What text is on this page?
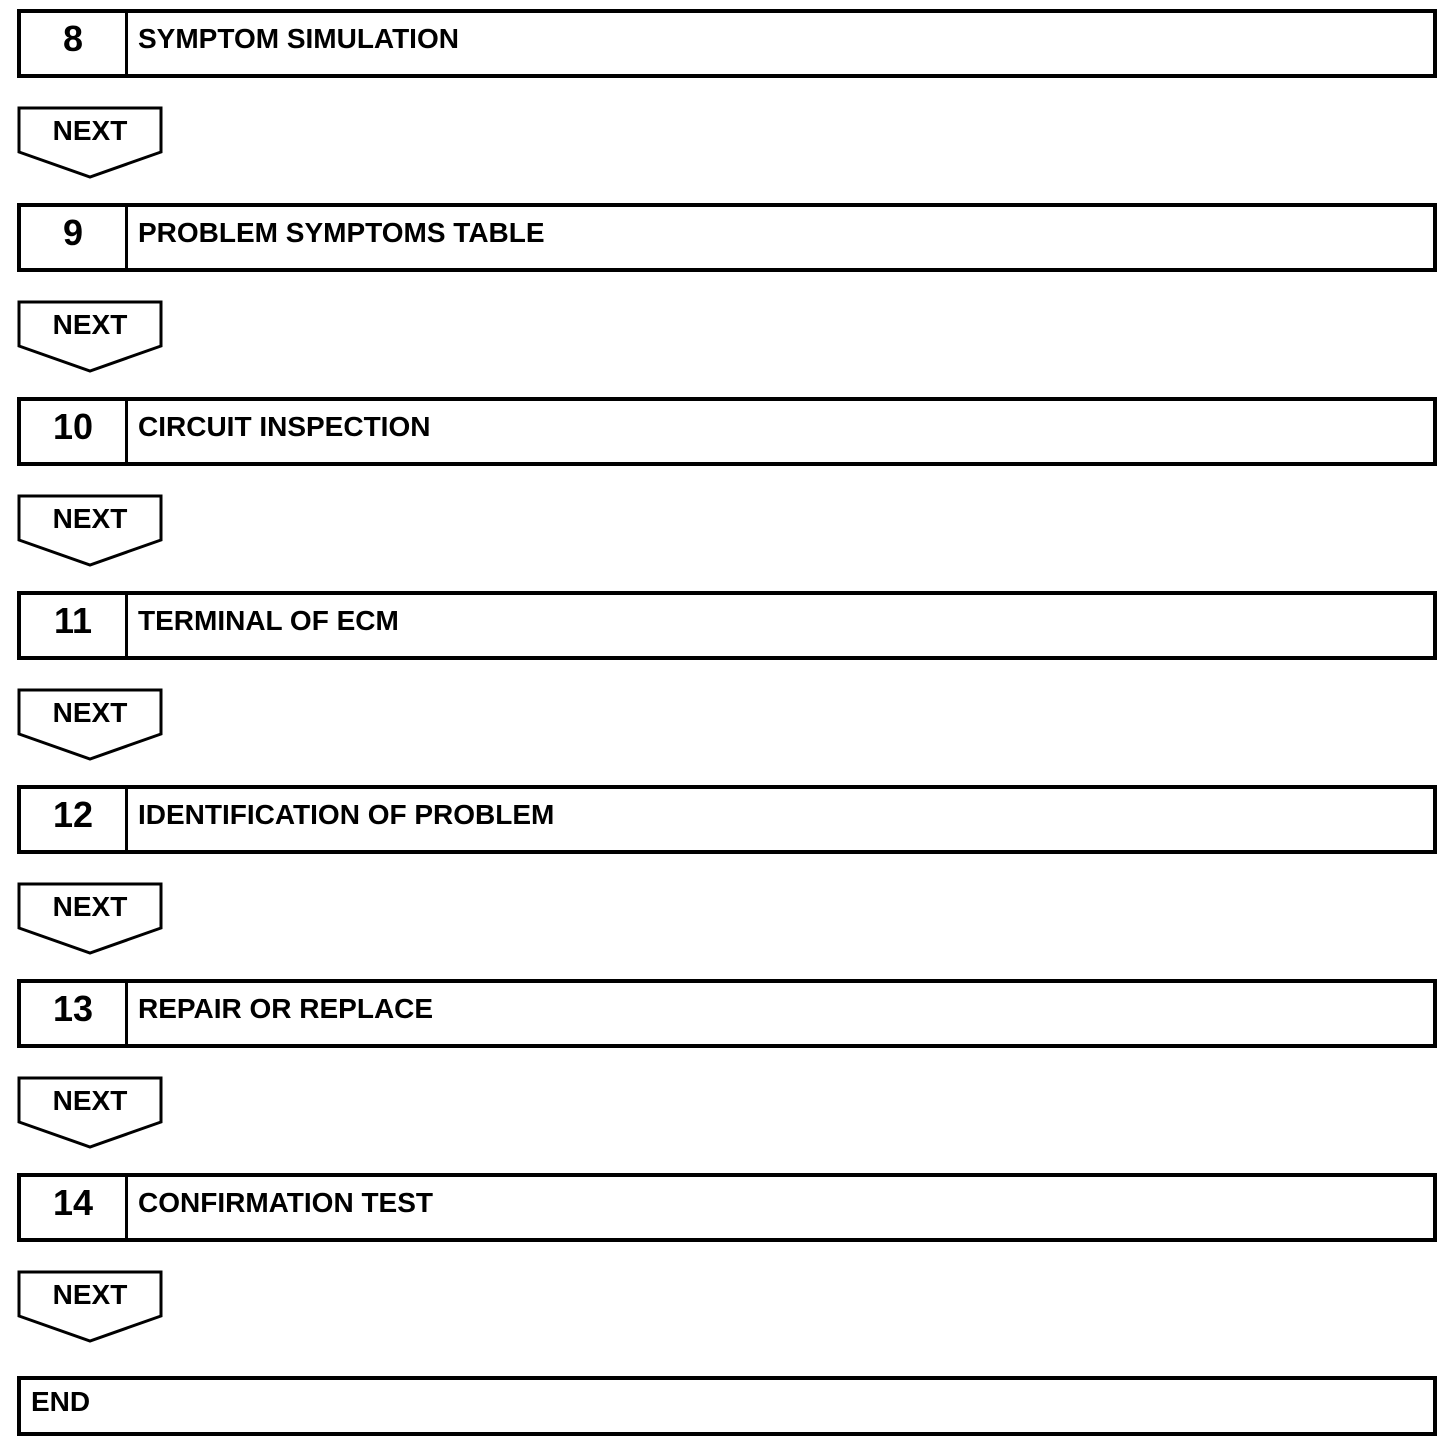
8	SYMPTOM SIMULATION
NEXT
9	PROBLEM SYMPTOMS TABLE
NEXT
10	CIRCUIT INSPECTION
NEXT
11	TERMINAL OF ECM
NEXT
12	IDENTIFICATION OF PROBLEM
NEXT
13	REPAIR OR REPLACE
NEXT
14	CONFIRMATION TEST
NEXT
END
